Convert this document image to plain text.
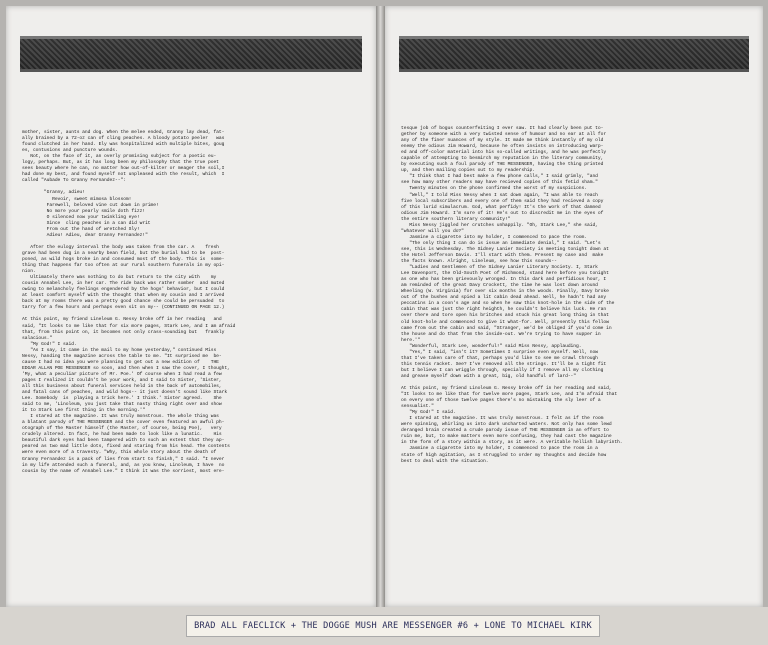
mother, sister, aunts and dog. When the melee ended, Granny lay dead, fat-
ally brained by a 72-oz can of cling peaches. A bloody potato peeler   was
found clutched in her hand. Ely was hospitalized with multiple bites, goug
es, contusions and puncture wounds.
Not, on the face of it, an overly promising subject for a poetic eu-
logy, perhaps. But, as it has long been my philosophy that the true poet
sees beauty where he can, no matter how out-of-kilter or meager the soil,I
had done my best, and found myself not unpleased with the result, which  I
called "Aubade To Granny Fernandez--":

"Granny, adieu!
Revoir, sweet mimosa blossom!
Farewell, beloved vine cut down in prime!
No more your pearly smile doth fizz!
O silenced now your twinkling eye!
Since  cling peaches in a can did writ
From out the hand of wretched Sly!
Adieu! Adieu, dear Granny Fernandez!"

After the eulogy interval the body was taken from the car. A    fresh
grave had been dug in a nearby bean field, but the burial had to be  post-
poned, as wild hogs broke in and consumed most of the body. This is  some-
thing that happens far too often at our rural southern funerals in my opi-
nion.
Ultimately there was nothing to do but return to the city with    my
cousin Annabel Lee, in her car. The ride back was rather somber  and muted
owing to melancholy feelings engendered by the hogs' behavior, but I could
at least comfort myself with the thought that when my cousin and I arrived
back at my rooms there was a pretty good chance she could be persuaded  to
tarry for a few hours and perhaps even sit on my-- (CONTINUED ON PAGE 12.)

At this point, my friend Lineleum G. Nessy broke off in her reading   and
said, "It looks to me like that for six more pages, Stark Lee, and I am afraid
that, from this point on, it becomes not only crass-sounding but   frankly
salacious."
"My God!" I said.
"As I say, it came in the mail to my home yesterday," continued Miss
Nessy, handing the magazine across the table to me. "It surprised me  be-
cause I had no idea you were planning to get out a new edition of    THE
EDGAR ALLAN POE MESSENGER so soon, and then when I saw the cover, I thought,
'My, what a peculiar picture of Mr. Poe.' Of course when I had read a few
pages I realized it couldn't be your work, and I said to Sister, 'Sister,
all this business about funeral services held in the back of automobiles,
and fatal cans of peaches, and wild hogs-- it just doesn't sound like Stark
Lee. Somebody  is  playing a trick here.' I think.' Sister agreed.    She
said to me, 'Linoleum, you just take that nasty thing right over and show
it to Stark Lee first thing in the morning.'"
I stared at the magazine. It was truly monstrous. The whole thing was
a blatant parody of THE MESSENGER and the cover even featured an awful ph-
otograph of The Master himself (the Master, of course, being Poe),   very
crudely altered. In fact, he had been made to look like a lunatic.    His
beautiful dark eyes had been tampered with to such an extent that they ap-
peared as two mad little dots, fixed and staring from his head. The contents
were even more of a travesty. "Why, this whole story about the death of
Granny Fernandez is a pack of lies from start to finish," I said. "I never
in my life attended such a funeral, and, as you know, Linoleum, I have  no
cousin by the name of Annabel Lee." I think it was the sorriest, most ere-
tesque job of bogus counterfeiting I ever saw. It had clearly been put to-
gether by someone with a very twisted sense of humour and no ear at all for
any of the finer nuances of my style. It made me think instantly of my old
enemy the odious Jim Howard, because he often insists on introducing warp-
ed and off-color material into his so-called writings, and he was perfectly
capable of attempting to besmirch my reputation in the literary community,
by executing such a foul parody of THE MESSENGER, having the thing printed
up, and then mailing copies out to my readership.
"I think that I had best make a few phone calls," I said grimly, "and
see how many other readers may have recieved copies of this fetid sham."
Twenty minutes on the phone confirmed the worst of my suspicions.
"Well," I told Miss Nessy when I sat down again, "I was able to reach
five local subscribers and every one of them said they had recieved a copy
of this lurid simulacrum. God, what perfidy! It's the work of that damned
odious Jim Howard. I'm sure of it! He's out to discredit me in the eyes of
the entire southern literary community!"
Miss Nessy jiggled her crutches unhappily. "Oh, Stark Lee," she said,
"whatever will you do?"
Jasmine a cigarette into my holder, I commenced to pace the room.
"The only thing I can do is issue an immediate denial," I said. "Let's
see, this is Wednesday. The Sidney Lanier Society is meeting tonight down at
the Hotel Jefferson Davis. I'll start with them. Present my case and  make
the facts known. Alright, Lineleum, see how this sounds--
"Ladies and Gentlemen of the Sidney Lanier Literary Society. I, Stark
Lee Davenport, the Old-South Poet of Richmond, stand here before you tonight
as one who has been grievously wronged. In this dark and perfidious hour, I
am reminded of the great Davy Crockett, the time he was lost down around
Wheeling (W. Virginia) for over six months in the woods. Finally, Davy broke
out of the bushes and spied a lit cabin dead ahead. Well, he hadn't had any
peccatins in a coon's age and so when he saw this knot-hole in the side of the
cabin that was just the right heighth, he couldn't believe his luck. He ran
over there and tore open his britches and stuck his great long thing in that
old knot-hole and commenced to give it what-for. Well, presently this fellow
came from out the cabin and said, "Stranger, we'd be obliged if you'd come in
the house and do that from the inside-out. We're trying to have supper in
here.'"
"Wonderful, Stark Lee, wonderful!" said Miss Nessy, applauding.
"Yes," I said, "isn't it? Sometimes I surprise even myself. Well, now
that I've taken care of that, perhaps you'd like to see me crawl through
this tennis racket. See? I've removed all the strings. It'll be a tight fit
but I believe I can wriggle through, specially if I remove all my clothing
and grease myself down with a great, big, old handful of lard--"

At this point, my friend Linoleum G. Nessy broke off in her reading and said,
"It looks to me like that for twelve more pages, Stark Lee, and I'm afraid that
on every one of those twelve pages there's no mistaking the sly leer of a
sensualist."
"My God!" I said.
I stared at the magazine. It was truly monstrous. I felt as if the room
were spinning, whirling us into dark uncharted waters. Not only has some lewd
deranged brain created a crude parody issue of THE MESSENGER in an effort to
ruin me, but, to make matters even more confusing, they had cast the magazine
in the form of a story within a story, as it were. A veritable hellish labyrinth.
Jasmine a cigarette into my holder, I commenced to pace the room in a
state of high agitation, as I struggled to order my thoughts and decide how
best to deal with the situation.
BRAD ALL FAECLICK + THE DOGGE MUSH ARE MESSENGER #6 + LONE TO MICHAEL KIRK
